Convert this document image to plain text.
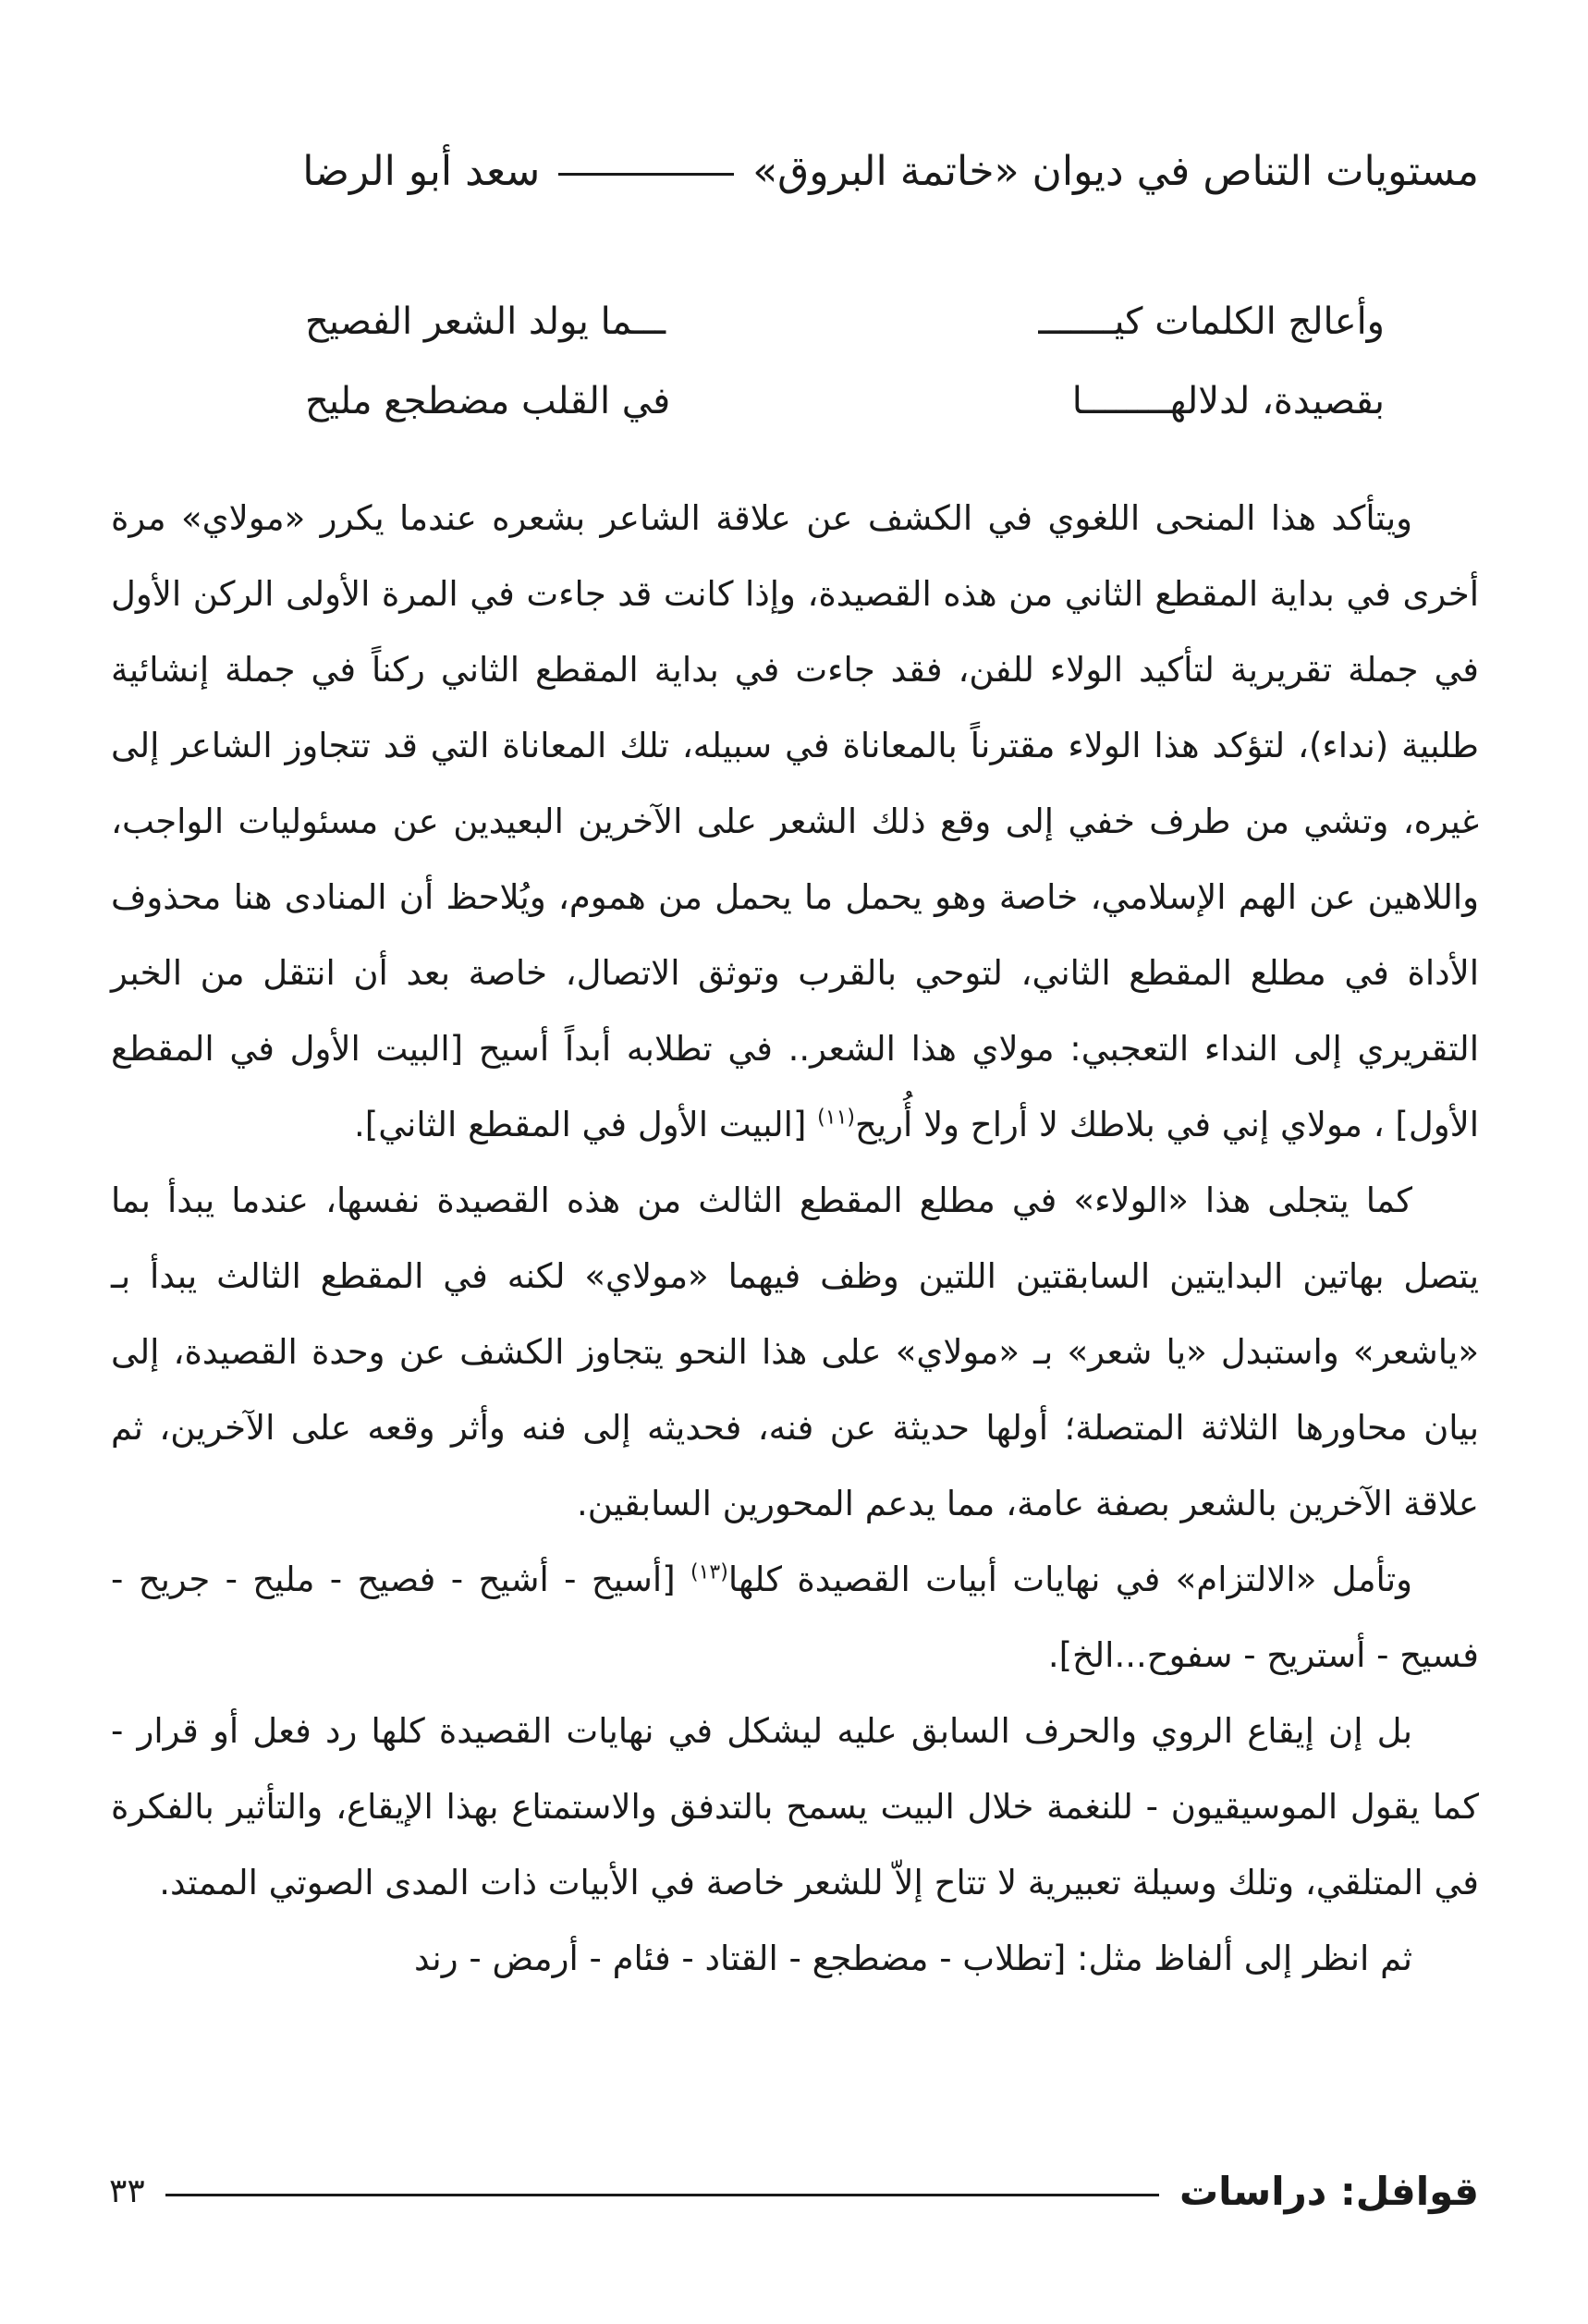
مستويات التناص في ديوان «خاتمة البروق»
سعد أبو الرضا
وأعالج الكلمات كيـــــــ
ـــما يولد الشعر الفصيح
بقصيدة، لدلالهــــــــا
في القلب مضطجع مليح

ويتأكد هذا المنحى اللغوي في الكشف عن علاقة الشاعر بشعره عندما يكرر «مولاي» مرة أخرى في بداية المقطع الثاني من هذه القصيدة، وإذا كانت قد جاءت في المرة الأولى الركن الأول في جملة تقريرية لتأكيد الولاء للفن، فقد جاءت في بداية المقطع الثاني ركناً في جملة إنشائية طلبية (نداء)، لتؤكد هذا الولاء مقترناً بالمعاناة في سبيله، تلك المعاناة التي قد تتجاوز الشاعر إلى غيره، وتشي من طرف خفي إلى وقع ذلك الشعر على الآخرين البعيدين عن مسئوليات الواجب، واللاهين عن الهم الإسلامي، خاصة وهو يحمل ما يحمل من هموم، ويُلاحظ أن المنادى هنا محذوف الأداة في مطلع المقطع الثاني، لتوحي بالقرب وتوثق الاتصال، خاصة بعد أن انتقل من الخبر التقريري إلى النداء التعجبي: مولاي هذا الشعر.. في تطلابه أبداً أسيح [البيت الأول في المقطع الأول] ، مولاي إني في بلاطك لا أراح ولا أُريح$^{(١١)}$ [البيت الأول في المقطع الثاني].

كما يتجلى هذا «الولاء» في مطلع المقطع الثالث من هذه القصيدة نفسها، عندما يبدأ بما يتصل بهاتين البدايتين السابقتين اللتين وظف فيهما «مولاي» لكنه في المقطع الثالث يبدأ بـ «ياشعر» واستبدل «يا شعر» بـ «مولاي» على هذا النحو يتجاوز الكشف عن وحدة القصيدة، إلى بيان محاورها الثلاثة المتصلة؛ أولها حديثة عن فنه، فحديثه إلى فنه وأثر وقعه على الآخرين، ثم علاقة الآخرين بالشعر بصفة عامة، مما يدعم المحورين السابقين.

وتأمل «الالتزام» في نهايات أبيات القصيدة كلها$^{(١٣)}$ [أسيح - أشيح - فصيح - مليح - جريح - فسيح - أستريح - سفوح...الخ].

بل إن إيقاع الروي والحرف السابق عليه ليشكل في نهايات القصيدة كلها رد فعل أو قرار - كما يقول الموسيقيون - للنغمة خلال البيت يسمح بالتدفق والاستمتاع بهذا الإيقاع، والتأثير بالفكرة في المتلقي، وتلك وسيلة تعبيرية لا تتاح إلاّ للشعر خاصة في الأبيات ذات المدى الصوتي الممتد.

ثم انظر إلى ألفاظ مثل: [تطلاب - مضطجع - القتاد - فئام - أرمض - رند

قوافل: دراسات
٣٣
